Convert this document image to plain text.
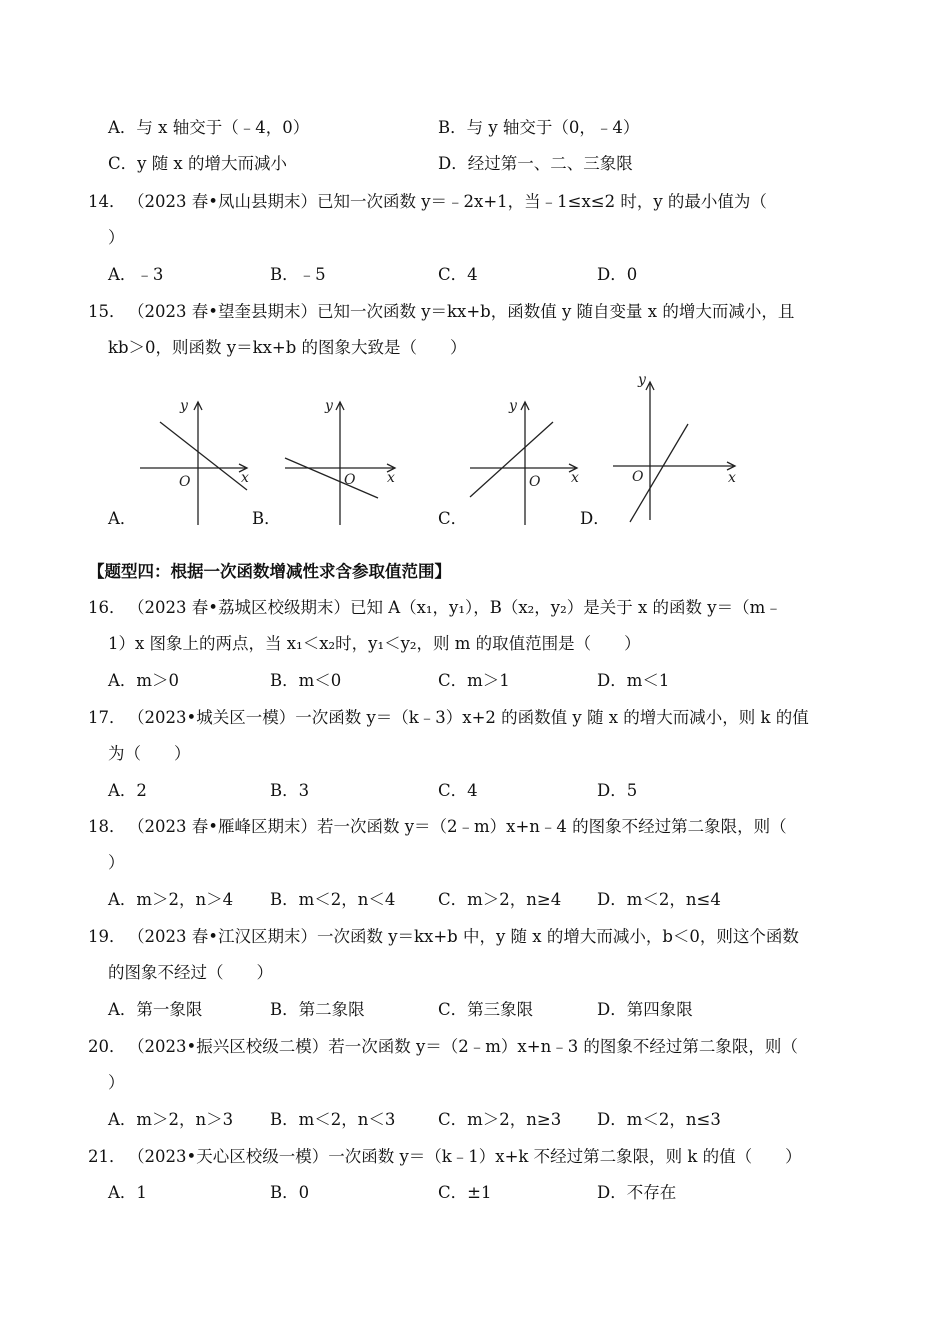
A．与 x 轴交于（﹣4，0）	B．与 y 轴交于（0，﹣4）
C．y 随 x 的增大而减小	D．经过第一、二、三象限
14． （2023 春•凤山县期末）已知一次函数 y＝﹣2x+1，当﹣1≤x≤2 时，y 的最小值为（
）
A．﹣3	B．﹣5	C．4	D．0
15． （2023 春•望奎县期末）已知一次函数 y＝kx+b，函数值 y 随自变量 x 的增大而减小，且
kb＞0，则函数 y＝kx+b 的图象大致是（　　）
y
x
O
y
x
O
y
x
O
y
x
O
A．	B．	C．	D．
【题型四：根据一次函数增减性求含参取值范围】
16． （2023 春•荔城区校级期末）已知 A（x₁，y₁），B（x₂，y₂）是关于 x 的函数 y＝（m﹣
1）x 图象上的两点，当 x₁＜x₂时，y₁＜y₂，则 m 的取值范围是（　　）
A．m＞0	B．m＜0	C．m＞1	D．m＜1
17． （2023•城关区一模）一次函数 y＝（k﹣3）x+2 的函数值 y 随 x 的增大而减小，则 k 的值
为（　　）
A．2	B．3	C．4	D．5
18． （2023 春•雁峰区期末）若一次函数 y＝（2﹣m）x+n﹣4 的图象不经过第二象限，则（
）
A．m＞2，n＞4 B．m＜2，n＜4	C．m＞2，n≥4 D．m＜2，n≤4
19． （2023 春•江汉区期末）一次函数 y＝kx+b 中，y 随 x 的增大而减小，b＜0，则这个函数
的图象不经过（　　）
A．第一象限	B．第二象限	C．第三象限	D．第四象限
20． （2023•振兴区校级二模）若一次函数 y＝（2﹣m）x+n﹣3 的图象不经过第二象限，则（
）
A．m＞2，n＞3 B．m＜2，n＜3	C．m＞2，n≥3 D．m＜2，n≤3
21． （2023•天心区校级一模）一次函数 y＝（k﹣1）x+k 不经过第二象限，则 k 的值（　　）
A．1	B．0	C．±1	D．不存在
